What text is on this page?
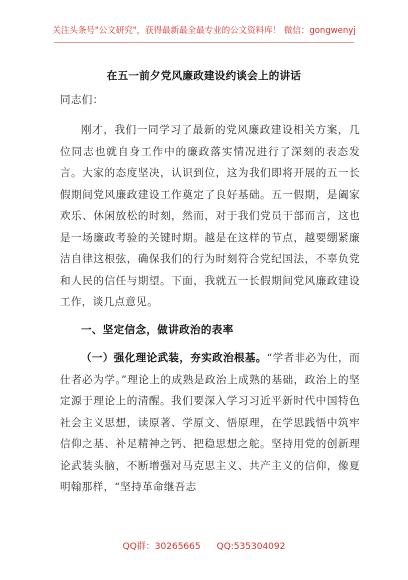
关注头条号"公文研究"，获得最新最全最专业的公文资料库！ 微信：gongwenyj
在五一前夕党风廉政建设约谈会上的讲话
同志们：
刚才，我们一同学习了最新的党风廉政建设相关方案，几位同志也就自身工作中的廉政落实情况进行了深刻的表态发言。大家的态度坚决，认识到位，这为我们即将开展的五一长假期间党风廉政建设工作奠定了良好基础。五一假期，是阖家欢乐、休闲放松的时刻，然而，对于我们党员干部而言，这也是一场廉政考验的关键时期。越是在这样的节点，越要绷紧廉洁自律这根弦，确保我们的行为时刻符合党纪国法，不辜负党和人民的信任与期望。下面，我就五一长假期间党风廉政建设工作，谈几点意见。
一、坚定信念，做讲政治的表率
（一）强化理论武装，夯实政治根基。“学者非必为仕，而仕者必为学。”理论上的成熟是政治上成熟的基础，政治上的坚定源于理论上的清醒。我们要深入学习习近平新时代中国特色社会主义思想，读原著、学原文、悟原理，在学思践悟中筑牢信仰之基、补足精神之钙、把稳思想之舵。坚持用党的创新理论武装头脑，不断增强对马克思主义、共产主义的信仰，像夏明翰那样，“坚持革命继吾志
QQ群：30265665 QQ:535304092
